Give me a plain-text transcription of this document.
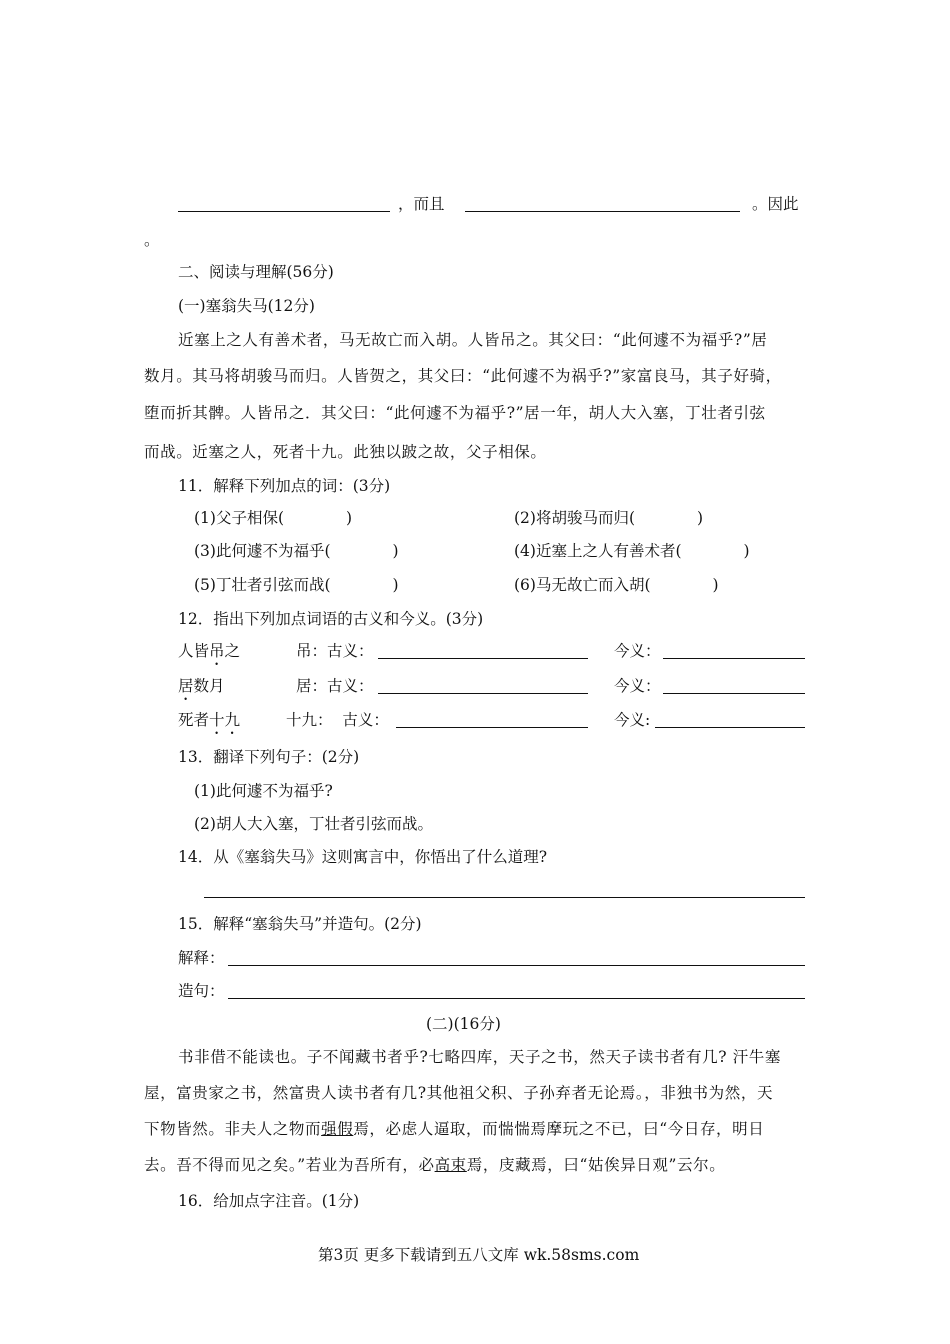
，而且	。因此
。
二、阅读与理解(56分)
(一)塞翁失马(12分)
近塞上之人有善术者，马无故亡而入胡。人皆吊之。其父曰：“此何遽不为福乎?”居
数月。其马将胡骏马而归。人皆贺之，其父曰：“此何遽不为祸乎?”家富良马，其子好骑，
堕而折其髀。人皆吊之．其父曰：“此何遽不为福乎?”居一年，胡人大入塞，丁壮者引弦
而战。近塞之人，死者十九。此独以跛之故，父子相保。
11．解释下列加点的词：(3分)
(1)父子相保(　　　　)	(2)将胡骏马而归(　　　　)
(3)此何遽不为福乎(　　　　)	(4)近塞上之人有善术者(　　　　)
(5)丁壮者引弦而战(　　　　)	(6)马无故亡而入胡(　　　　)
12．指出下列加点词语的古义和今义。(3分)
人皆吊之	吊：古义：	今义：
居数月	居：古义：	今义：
死者十九	十九：  古义：	今义:
13．翻译下列句子：(2分)
(1)此何遽不为福乎?
(2)胡人大入塞，丁壮者引弦而战。
14．从《塞翁失马》这则寓言中，你悟出了什么道理?
15．解释“塞翁失马”并造句。(2分)
解释：
造句：
(二)(16分)
书非借不能读也。子不闻藏书者乎?七略四库，天子之书，然天子读书者有几? 汗牛塞
屋，富贵家之书，然富贵人读书者有几?其他祖父积、子孙弃者无论焉。，非独书为然，天
下物皆然。非夫人之物而强假焉，必虑人逼取，而惴惴焉摩玩之不已，曰“今日存，明日
去。吾不得而见之矣。”若业为吾所有，必高束焉，庋藏焉，曰“姑俟异日观”云尔。
16．给加点字注音。(1分)
第3页 更多下载请到五八文库 wk.58sms.com
